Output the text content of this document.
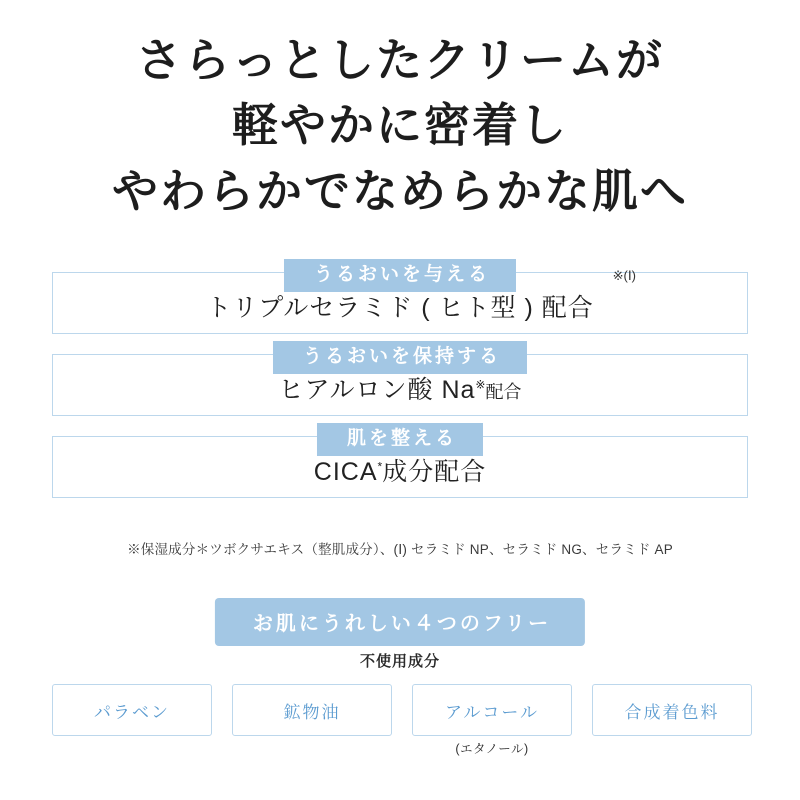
さらっとしたクリームが
軽やかに密着し
やわらかでなめらかな肌へ
うるおいを与える	※(Ⅰ)
トリプルセラミド ( ヒト型 ) 配合
うるおいを保持する
ヒアルロン酸 Na※配合
肌を整える
CICA*成分配合
※保湿成分＊ツボクサエキス（整肌成分）、(Ⅰ) セラミド NP、セラミド NG、セラミド AP
お肌にうれしい４つのフリー
不使用成分
パラベン	鉱物油	アルコール
(エタノール)
合成着色料
